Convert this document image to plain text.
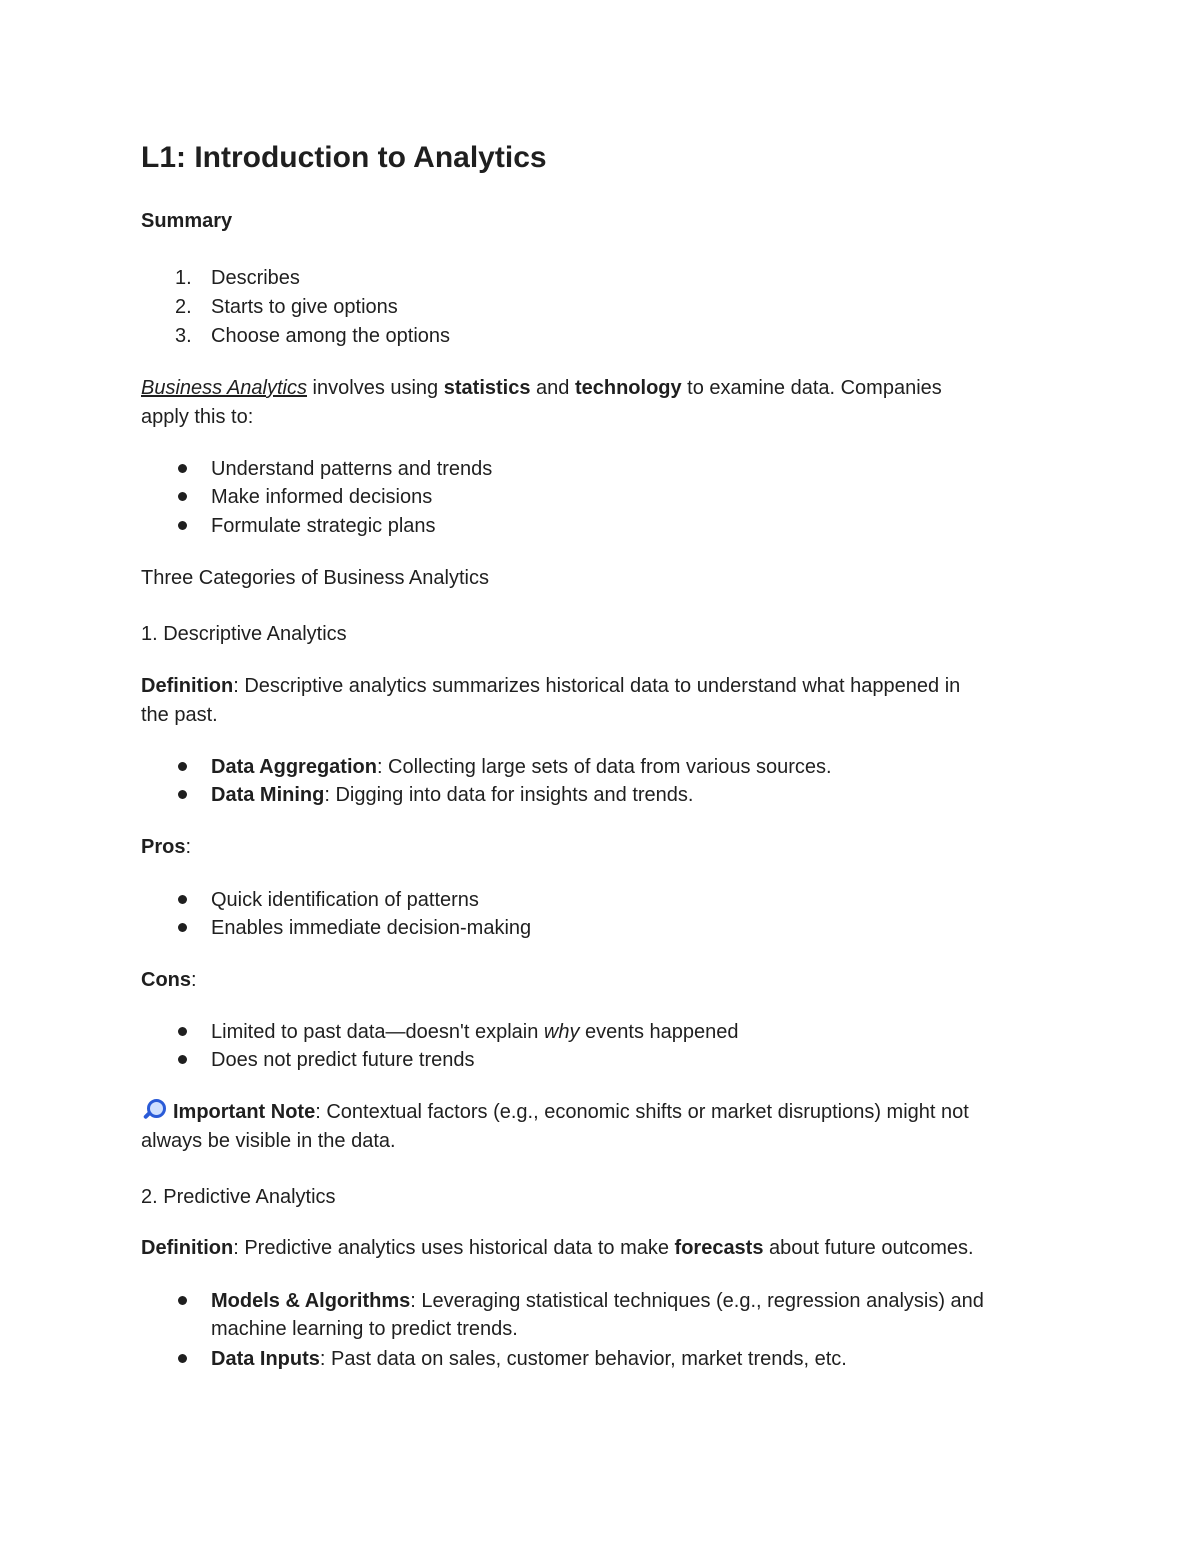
L1: Introduction to Analytics
Summary
1. Describes
2. Starts to give options
3. Choose among the options
Business Analytics involves using statistics and technology to examine data. Companies
apply this to:
Understand patterns and trends
Make informed decisions
Formulate strategic plans
Three Categories of Business Analytics
1. Descriptive Analytics
Definition: Descriptive analytics summarizes historical data to understand what happened in
the past.
Data Aggregation: Collecting large sets of data from various sources.
Data Mining: Digging into data for insights and trends.
Pros:
Quick identification of patterns
Enables immediate decision-making
Cons:
Limited to past data—doesn't explain why events happened
Does not predict future trends
Important Note: Contextual factors (e.g., economic shifts or market disruptions) might not
always be visible in the data.
2. Predictive Analytics
Definition: Predictive analytics uses historical data to make forecasts about future outcomes.
Models & Algorithms: Leveraging statistical techniques (e.g., regression analysis) and
machine learning to predict trends.
Data Inputs: Past data on sales, customer behavior, market trends, etc.
